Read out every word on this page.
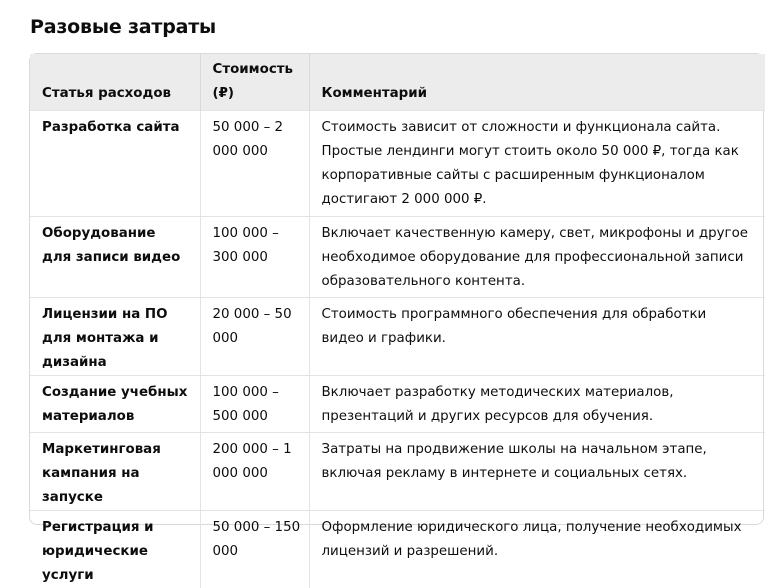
Разовые затраты
Статья расходов	Стоимость (₽)	Комментарий
Разработка сайта	50 000 – 2 000 000	Стоимость зависит от сложности и функционала сайта. Простые лендинги могут стоить около 50 000 ₽, тогда как корпоративные сайты с расширенным функционалом достигают 2 000 000 ₽.
Оборудование для записи видео	100 000 – 300 000	Включает качественную камеру, свет, микрофоны и другое необходимое оборудование для профессиональной записи образовательного контента.
Лицензии на ПО для монтажа и дизайна	20 000 – 50 000	Стоимость программного обеспечения для обработки видео и графики.
Создание учебных материалов	100 000 – 500 000	Включает разработку методических материалов, презентаций и других ресурсов для обучения.
Маркетинговая кампания на запуске	200 000 – 1 000 000	Затраты на продвижение школы на начальном этапе, включая рекламу в интернете и социальных сетях.
Регистрация и юридические услуги	50 000 – 150 000	Оформление юридического лица, получение необходимых лицензий и разрешений.
